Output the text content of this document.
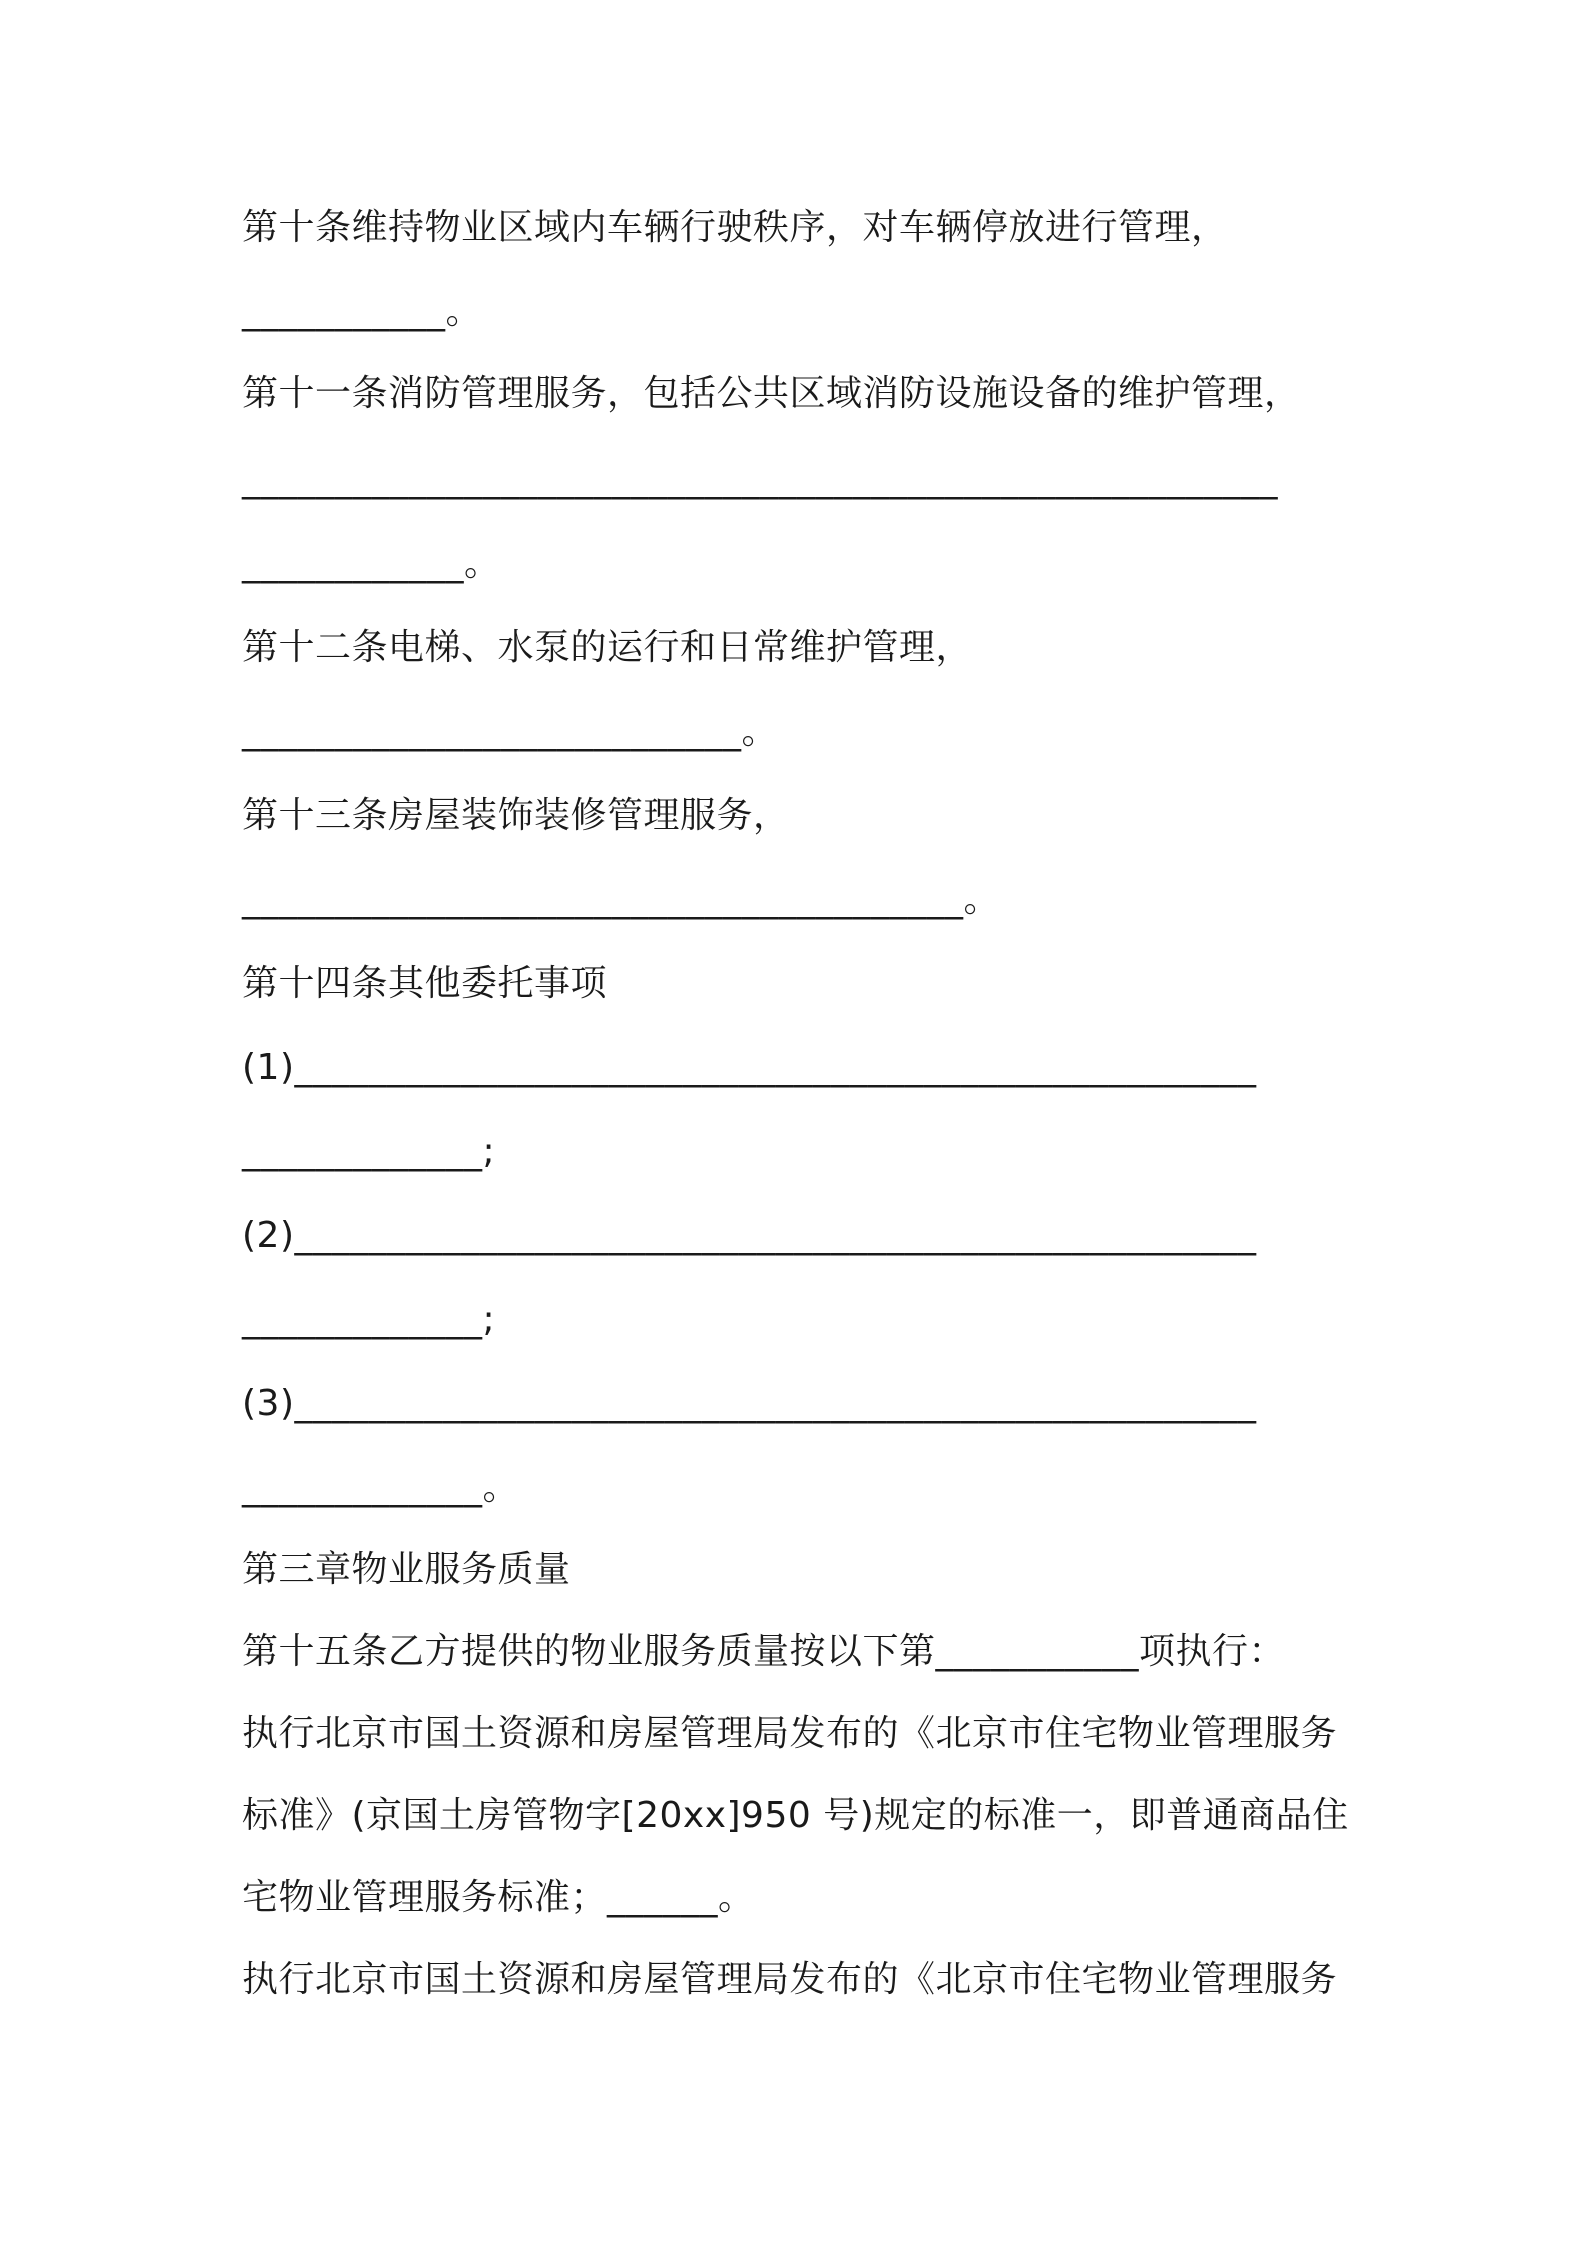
第十条维持物业区域内车辆行驶秩序，对车辆停放进行管理，
___________。
第十一条消防管理服务，包括公共区域消防设施设备的维护管理，
________________________________________________________
____________。
第十二条电梯、水泵的运行和日常维护管理，
___________________________。
第十三条房屋装饰装修管理服务，
_______________________________________。
第十四条其他委托事项
(1)____________________________________________________
_____________;
(2)____________________________________________________
_____________;
(3)____________________________________________________
_____________。
第三章物业服务质量
第十五条乙方提供的物业服务质量按以下第___________项执行：
执行北京市国土资源和房屋管理局发布的《北京市住宅物业管理服务
标准》(京国土房管物字[20xx]950 号)规定的标准一，即普通商品住
宅物业管理服务标准；______。
执行北京市国土资源和房屋管理局发布的《北京市住宅物业管理服务
